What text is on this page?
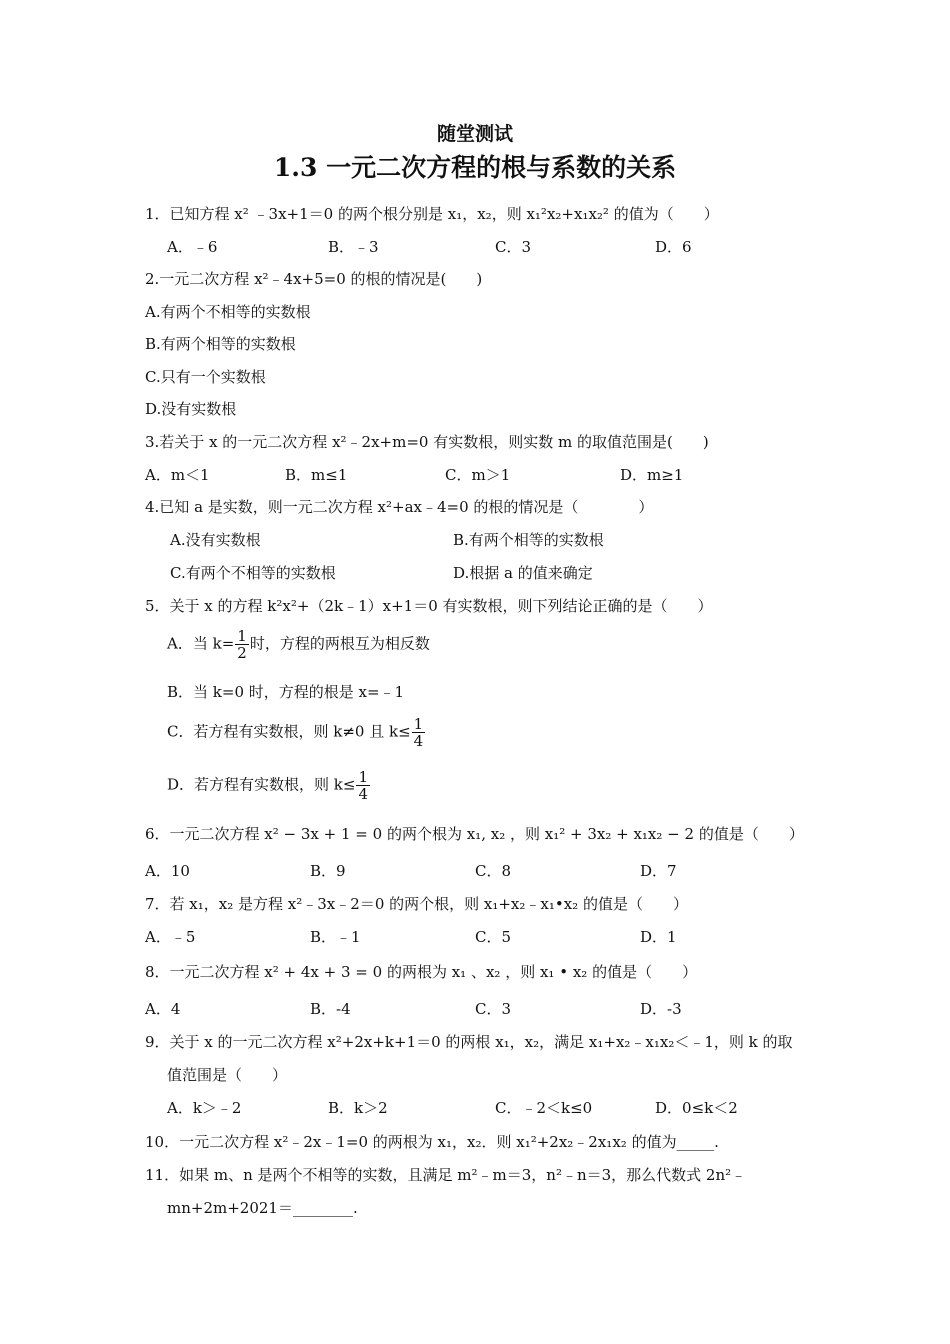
随堂测试
1.3 一元二次方程的根与系数的关系
1．已知方程 x² ﹣3x+1＝0 的两个根分别是 x₁，x₂，则 x₁²x₂+x₁x₂² 的值为（　　）
A．﹣6	B．﹣3	C．3	D．6
2.一元二次方程 x²﹣4x+5=0 的根的情况是(　　)
A.有两个不相等的实数根
B.有两个相等的实数根
C.只有一个实数根
D.没有实数根
3.若关于 x 的一元二次方程 x²﹣2x+m=0 有实数根，则实数 m 的取值范围是(　　)
A．m＜1	B．m≤1	C．m＞1	D．m≥1
4.已知 a 是实数，则一元二次方程 x²+ax﹣4=0 的根的情况是（　　　　）
A.没有实数根	B.有两个相等的实数根
C.有两个不相等的实数根	D.根据 a 的值来确定
5．关于 x 的方程 k²x²+（2k﹣1）x+1＝0 有实数根，则下列结论正确的是（　　）
A．当 $k= \frac{1}{2}$ 时，方程的两根互为相反数
B．当 k=0 时，方程的根是 x=﹣1
C．若方程有实数根，则 k≠0 且 $k\le \frac{1}{4}$
D．若方程有实数根，则 $k\le \frac{1}{4}$
6．一元二次方程 x² − 3x + 1 = 0 的两个根为 x₁, x₂ ，则 x₁² + 3x₂ + x₁x₂ − 2 的值是（　　）
A．10	B．9	C．8	D．7
7．若 x₁，x₂ 是方程 x²﹣3x﹣2＝0 的两个根，则 x₁+x₂﹣x₁•x₂ 的值是（　　）
A．﹣5	B．﹣1	C．5	D．1
8．一元二次方程 x² + 4x + 3 = 0 的两根为 x₁ 、x₂ ，则 x₁ • x₂ 的值是（　　）
A．4	B．-4	C．3	D．-3
9．关于 x 的一元二次方程 x²+2x+k+1＝0 的两根 x₁，x₂，满足 x₁+x₂﹣x₁x₂＜﹣1，则 k 的取
值范围是（　　）
A．k＞﹣2	B．k＞2	C．﹣2＜k≤0	D．0≤k＜2
10．一元二次方程 x²﹣2x﹣1=0 的两根为 x₁，x₂．则 x₁²+2x₂﹣2x₁x₂ 的值为_____.
11．如果 m、n 是两个不相等的实数，且满足 m²﹣m＝3，n²﹣n＝3，那么代数式 2n²﹣
mn+2m+2021＝________.
